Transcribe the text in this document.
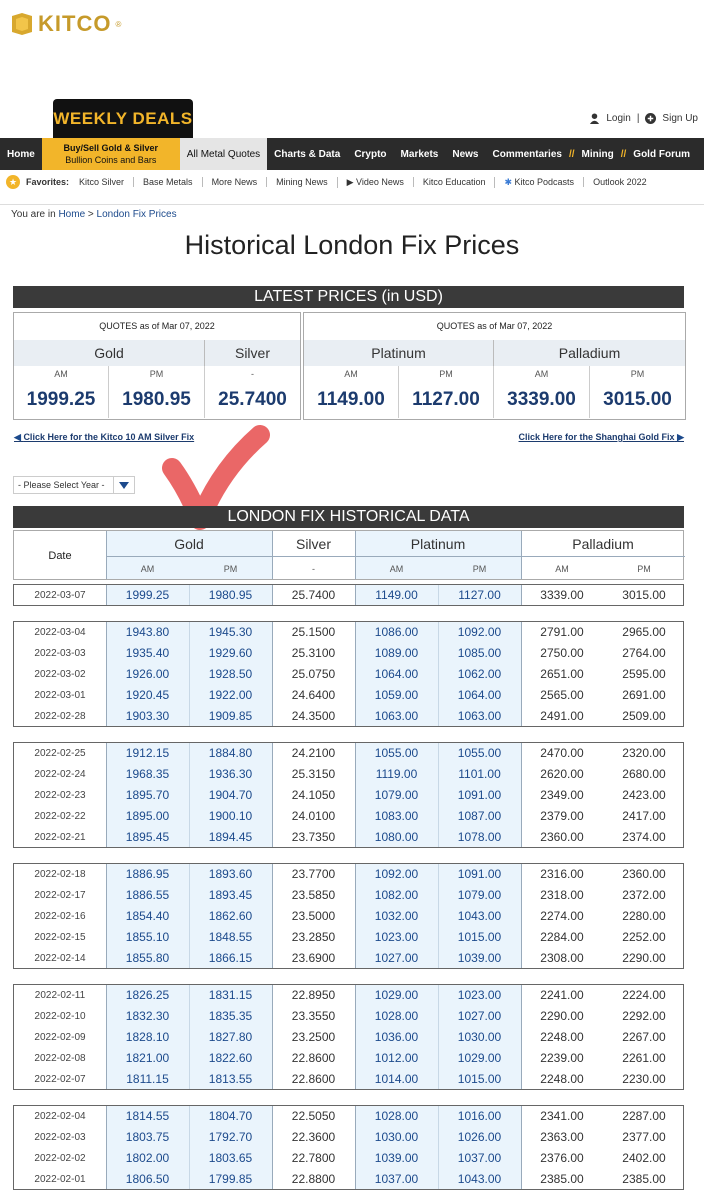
KITCO ®
WEEKLY DEALS	Login | Sign Up
Home
Buy/Sell Gold & Silver
Bullion Coins and Bars
All Metal Quotes	Charts & Data	Crypto	Markets	News	Commentaries // Mining // Gold Forum
★ Favorites: Kitco Silver	Base Metals	More News	Mining News	▶︎ Video News	Kitco Education	✱ Kitco Podcasts	Outlook 2022
You are in Home > London Fix Prices
Historical London Fix Prices
LATEST PRICES (in USD)
QUOTES as of Mar 07, 2022
Gold	Silver
AM	PM	-
1999.25	1980.95	25.7400
QUOTES as of Mar 07, 2022
Platinum	Palladium
AM	PM	AM	PM
1149.00	1127.00	3339.00	3015.00
◀ Click Here for the Kitco 10 AM Silver Fix	Click Here for the Shanghai Gold Fix ▶
- Please Select Year -
LONDON FIX HISTORICAL DATA
Date
Gold	Silver	Platinum	Palladium
AM	PM	-	AM	PM	AM	PM
2022-03-07	1999.25	1980.95	25.7400	1149.00	1127.00	3339.00	3015.00
2022-03-04	1943.80	1945.30	25.1500	1086.00	1092.00	2791.00	2965.00
2022-03-03	1935.40	1929.60	25.3100	1089.00	1085.00	2750.00	2764.00
2022-03-02	1926.00	1928.50	25.0750	1064.00	1062.00	2651.00	2595.00
2022-03-01	1920.45	1922.00	24.6400	1059.00	1064.00	2565.00	2691.00
2022-02-28	1903.30	1909.85	24.3500	1063.00	1063.00	2491.00	2509.00
2022-02-25	1912.15	1884.80	24.2100	1055.00	1055.00	2470.00	2320.00
2022-02-24	1968.35	1936.30	25.3150	1119.00	1101.00	2620.00	2680.00
2022-02-23	1895.70	1904.70	24.1050	1079.00	1091.00	2349.00	2423.00
2022-02-22	1895.00	1900.10	24.0100	1083.00	1087.00	2379.00	2417.00
2022-02-21	1895.45	1894.45	23.7350	1080.00	1078.00	2360.00	2374.00
2022-02-18	1886.95	1893.60	23.7700	1092.00	1091.00	2316.00	2360.00
2022-02-17	1886.55	1893.45	23.5850	1082.00	1079.00	2318.00	2372.00
2022-02-16	1854.40	1862.60	23.5000	1032.00	1043.00	2274.00	2280.00
2022-02-15	1855.10	1848.55	23.2850	1023.00	1015.00	2284.00	2252.00
2022-02-14	1855.80	1866.15	23.6900	1027.00	1039.00	2308.00	2290.00
2022-02-11	1826.25	1831.15	22.8950	1029.00	1023.00	2241.00	2224.00
2022-02-10	1832.30	1835.35	23.3550	1028.00	1027.00	2290.00	2292.00
2022-02-09	1828.10	1827.80	23.2500	1036.00	1030.00	2248.00	2267.00
2022-02-08	1821.00	1822.60	22.8600	1012.00	1029.00	2239.00	2261.00
2022-02-07	1811.15	1813.55	22.8600	1014.00	1015.00	2248.00	2230.00
2022-02-04	1814.55	1804.70	22.5050	1028.00	1016.00	2341.00	2287.00
2022-02-03	1803.75	1792.70	22.3600	1030.00	1026.00	2363.00	2377.00
2022-02-02	1802.00	1803.65	22.7800	1039.00	1037.00	2376.00	2402.00
2022-02-01	1806.50	1799.85	22.8800	1037.00	1043.00	2385.00	2385.00
